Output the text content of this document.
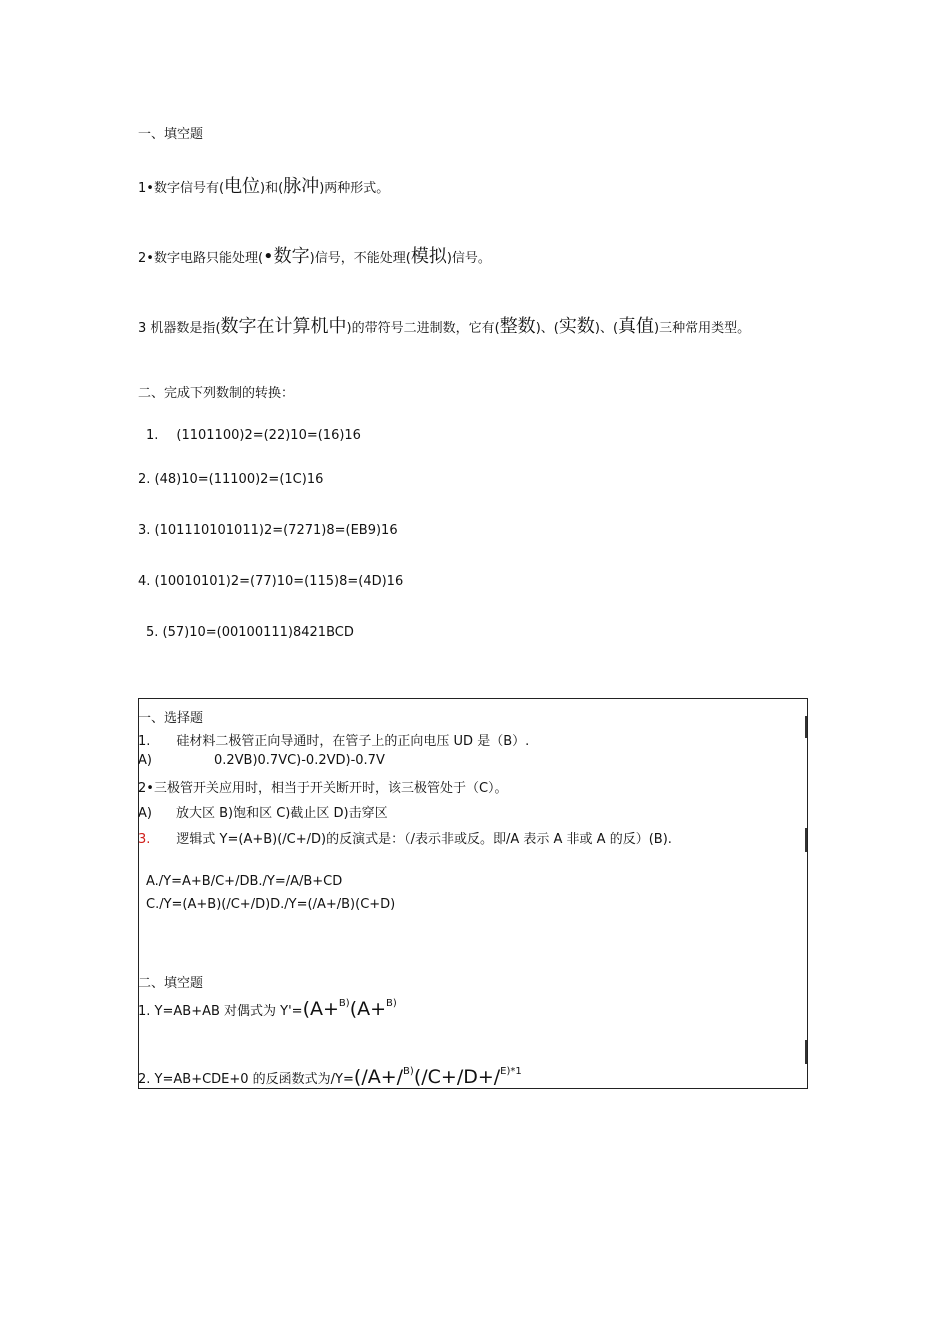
一、填空题
1•数字信号有(电位)和(脉冲)两种形式。
2•数字电路只能处理(•数字)信号，不能处理(模拟)信号。
3 机器数是指(数字在计算机中)的带符号二进制数，它有(整数)、(实数)、(真值)三种常用类型。
二、完成下列数制的转换：
1. (1101100)2=(22)10=(16)16
2. (48)10=(11100)2=(1C)16
3. (101110101011)2=(7271)8=(EB9)16
4. (10010101)2=(77)10=(115)8=(4D)16
5. (57)10=(00100111)8421BCD
一、选择题
1. 硅材料二极管正向导通时，在管子上的正向电压 UD 是（B）.
A)	0.2VB)0.7VC)-0.2VD)-0.7V
2•三极管开关应用时，相当于开关断开时，该三极管处于（C）。
A) 放大区 B)饱和区 C)截止区 D)击穿区
3. 逻辑式 Y=(A+B)(/C+/D)的反演式是：（/表示非或反。即/A 表示 A 非或 A 的反）(B).
A./Y=A+B/C+/DB./Y=/A/B+CD
C./Y=(A+B)(/C+/D)D./Y=(/A+/B)(C+D)
二、填空题
1. Y=AB+AB 对偶式为 Y'=(A+$^{B)}$(A+$^{B)}$
2. Y=AB+CDE+0 的反函数式为/Y=(/A+/$^{B)}$(/C+/D+/$^{E)*1}$
